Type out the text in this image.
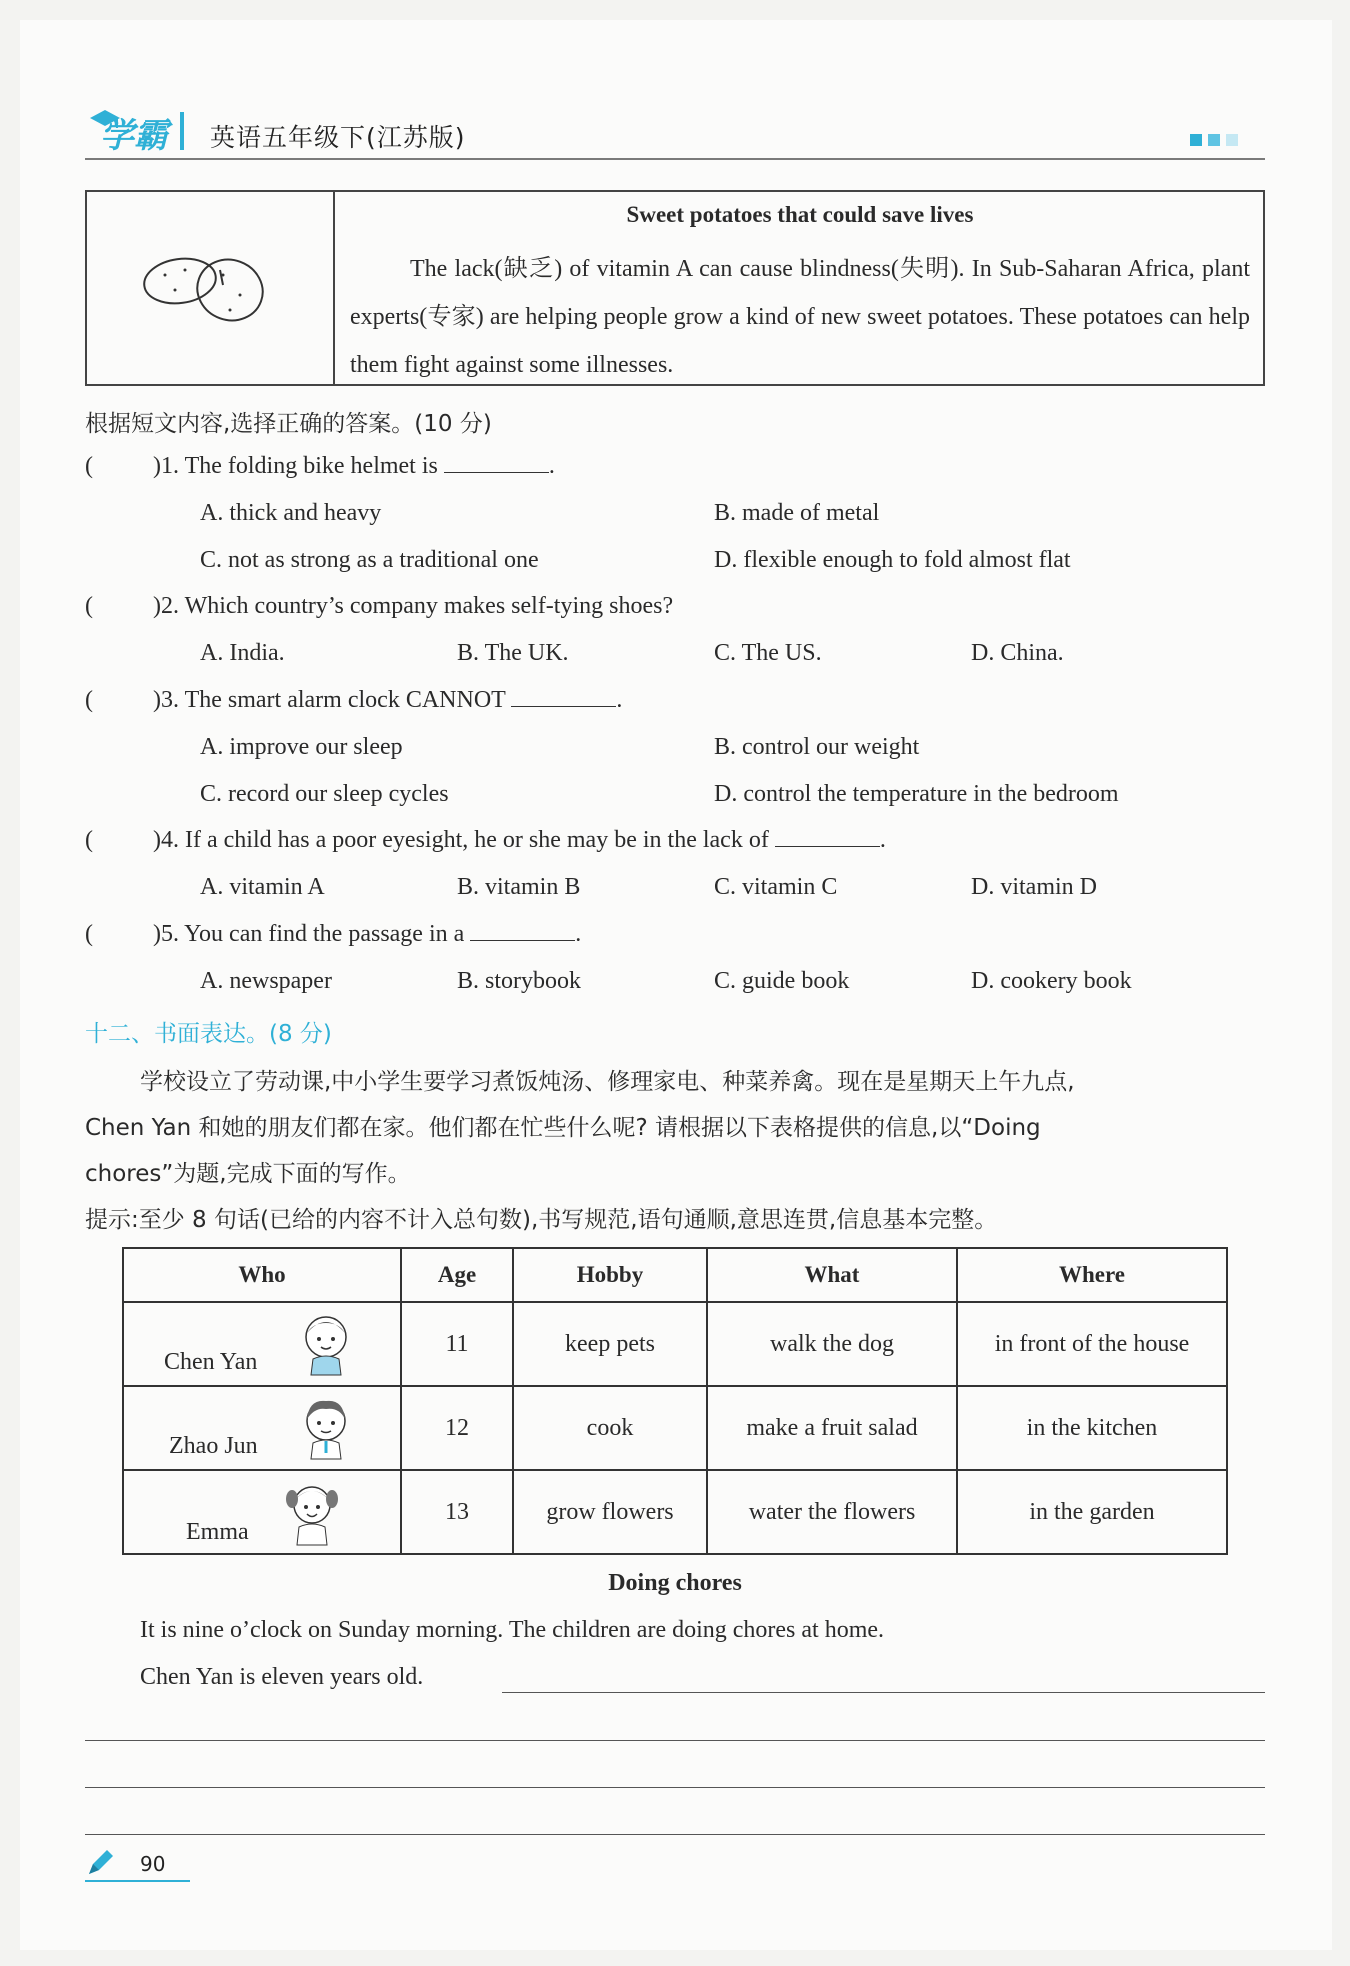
学霸 英语五年级下(江苏版)
Sweet potatoes that could save lives
The lack(缺乏) of vitamin A can cause blindness(失明). In Sub-Saharan Africa, plant experts(专家) are helping people grow a kind of new sweet potatoes. These potatoes can help them fight against some illnesses.
根据短文内容,选择正确的答案。(10 分)
(	)1. The folding bike helmet is	.
A. thick and heavy	B. made of metal
C. not as strong as a traditional one	D. flexible enough to fold almost flat
(	)2. Which country’s company makes self-tying shoes?
A. India.	B. The UK.	C. The US.	D. China.
(	)3. The smart alarm clock CANNOT	.
A. improve our sleep	B. control our weight
C. record our sleep cycles	D. control the temperature in the bedroom
(	)4. If a child has a poor eyesight, he or she may be in the lack of	.
A. vitamin A	B. vitamin B	C. vitamin C	D. vitamin D
(	)5. You can find the passage in a	.
A. newspaper	B. storybook	C. guide book	D. cookery book
十二、书面表达。(8 分)
学校设立了劳动课,中小学生要学习煮饭炖汤、修理家电、种菜养禽。现在是星期天上午九点,
Chen Yan 和她的朋友们都在家。他们都在忙些什么呢? 请根据以下表格提供的信息,以“Doing
chores”为题,完成下面的写作。
提示:至少 8 句话(已给的内容不计入总句数),书写规范,语句通顺,意思连贯,信息基本完整。
Who	Age	Hobby	What	Where

Chen Yan	11	keep pets	walk the dog	in front of the house

Zhao Jun	12	cook	make a fruit salad	in the kitchen

Emma	13	grow flowers	water the flowers	in the garden
Doing chores
It is nine o’clock on Sunday morning. The children are doing chores at home.
Chen Yan is eleven years old.
90
